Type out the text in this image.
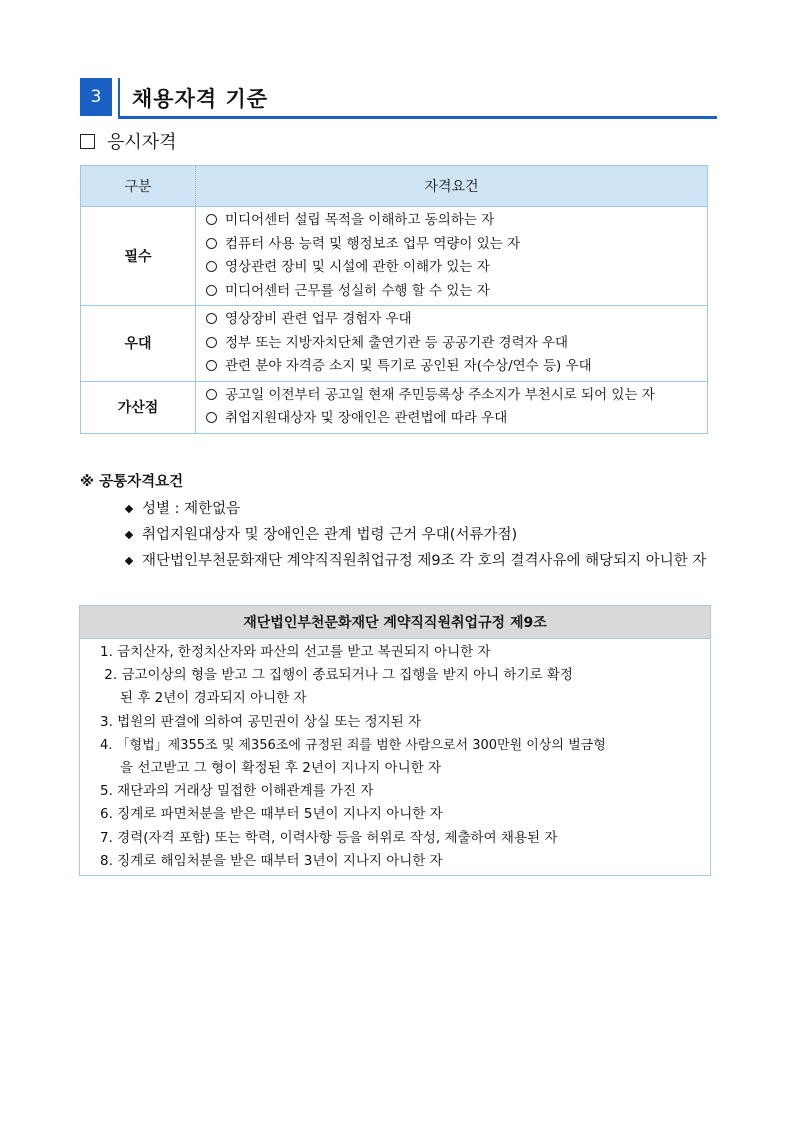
3	채용자격 기준
응시자격
구분	자격요건
필수	미디어센터 설립 목적을 이해하고 동의하는 자
컴퓨터 사용 능력 및 행정보조 업무 역량이 있는 자
영상관련 장비 및 시설에 관한 이해가 있는 자
미디어센터 근무를 성실히 수행 할 수 있는 자

우대	영상장비 관련 업무 경험자 우대
정부 또는 지방자치단체 출연기관 등 공공기관 경력자 우대
관련 분야 자격증 소지 및 특기로 공인된 자(수상/연수 등) 우대

가산점	공고일 이전부터 공고일 현재 주민등록상 주소지가 부천시로 되어 있는 자
취업지원대상자 및 장애인은 관련법에 따라 우대
※ 공통자격요건
성별 : 제한없음
취업지원대상자 및 장애인은 관계 법령 근거 우대(서류가점)
재단법인부천문화재단 계약직직원취업규정 제9조 각 호의 결격사유에 해당되지 아니한 자
재단법인부천문화재단 계약직직원취업규정 제9조

1. 금치산자, 한정치산자와 파산의 선고를 받고 복권되지 아니한 자
2. 금고이상의 형을 받고 그 집행이 종료되거나 그 집행을 받지 아니 하기로 확정
된 후 2년이 경과되지 아니한 자
3. 법원의 판결에 의하여 공민권이 상실 또는 정지된 자
4. 「형법」제355조 및 제356조에 규정된 죄를 범한 사람으로서 300만원 이상의 벌금형
을 선고받고 그 형이 확정된 후 2년이 지나지 아니한 자
5. 재단과의 거래상 밀접한 이해관계를 가진 자
6. 징계로 파면처분을 받은 때부터 5년이 지나지 아니한 자
7. 경력(자격 포함) 또는 학력, 이력사항 등을 허위로 작성, 제출하여 채용된 자
8. 징계로 해임처분을 받은 때부터 3년이 지나지 아니한 자
